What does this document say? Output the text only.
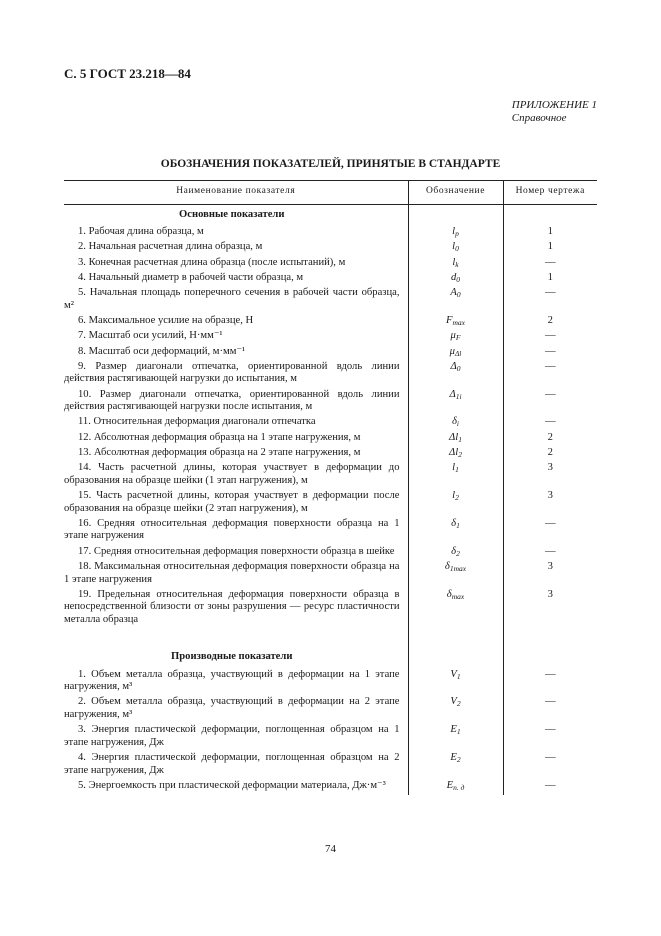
С. 5 ГОСТ 23.218—84
ПРИЛОЖЕНИЕ 1
Справочное
ОБОЗНАЧЕНИЯ ПОКАЗАТЕЛЕЙ, ПРИНЯТЫЕ В СТАНДАРТЕ
Наименование показателя	Обозначение	Номер чертежа
Основные показатели		
1. Рабочая длина образца, м	$l_р$	1
2. Начальная расчетная длина образца, м	$l_0$	1
3. Конечная расчетная длина образца (после испытаний), м	$l_k$	—
4. Начальный диаметр в рабочей части образца, м	$d_0$	1
5. Начальная площадь поперечного сечения в рабочей части образца, м²	$A_0$	—
6. Максимальное усилие на образце, Н	$F_{max}$	2
7. Масштаб оси усилий, Н·мм⁻¹	$\mu_F$	—
8. Масштаб оси деформаций, м·мм⁻¹	$\mu_{\Delta l}$	—
9. Размер диагонали отпечатка, ориентированной вдоль линии действия растягивающей нагрузки до испытания, м	$\Delta_0$	—
10. Размер диагонали отпечатка, ориентированной вдоль линии действия растягивающей нагрузки после испытания, м	$\Delta_{1i}$	—
11. Относительная деформация диагонали отпечатка	$\delta_i$	—
12. Абсолютная деформация образца на 1 этапе нагружения, м	$\Delta l_1$	2
13. Абсолютная деформация образца на 2 этапе нагружения, м	$\Delta l_2$	2
14. Часть расчетной длины, которая участвует в деформации до образования на образце шейки (1 этап нагружения), м	$l_1$	3
15. Часть расчетной длины, которая участвует в деформации после образования на образце шейки (2 этап нагружения), м	$l_2$	3
16. Средняя относительная деформация поверхности образца на 1 этапе нагружения	$\delta_1$	—
17. Средняя относительная деформация поверхности образца в шейке	$\delta_2$	—
18. Максимальная относительная деформация поверхности образца на 1 этапе нагружения	$\delta_{1max}$	3
19. Предельная относительная деформация поверхности образца в непосредственной близости от зоны разрушения — ресурс пластичности металла образца	$\delta_{max}$	3

Производные показатели		
1. Объем металла образца, участвующий в деформации на 1 этапе нагружения, м³	$V_1$	—
2. Объем металла образца, участвующий в деформации на 2 этапе нагружения, м³	$V_2$	—
3. Энергия пластической деформации, поглощенная образцом на 1 этапе нагружения, Дж	$E_1$	—
4. Энергия пластической деформации, поглощенная образцом на 2 этапе нагружения, Дж	$E_2$	—
5. Энергоемкость при пластической деформации материала, Дж·м⁻³	$E_{п. д}$	—
74
